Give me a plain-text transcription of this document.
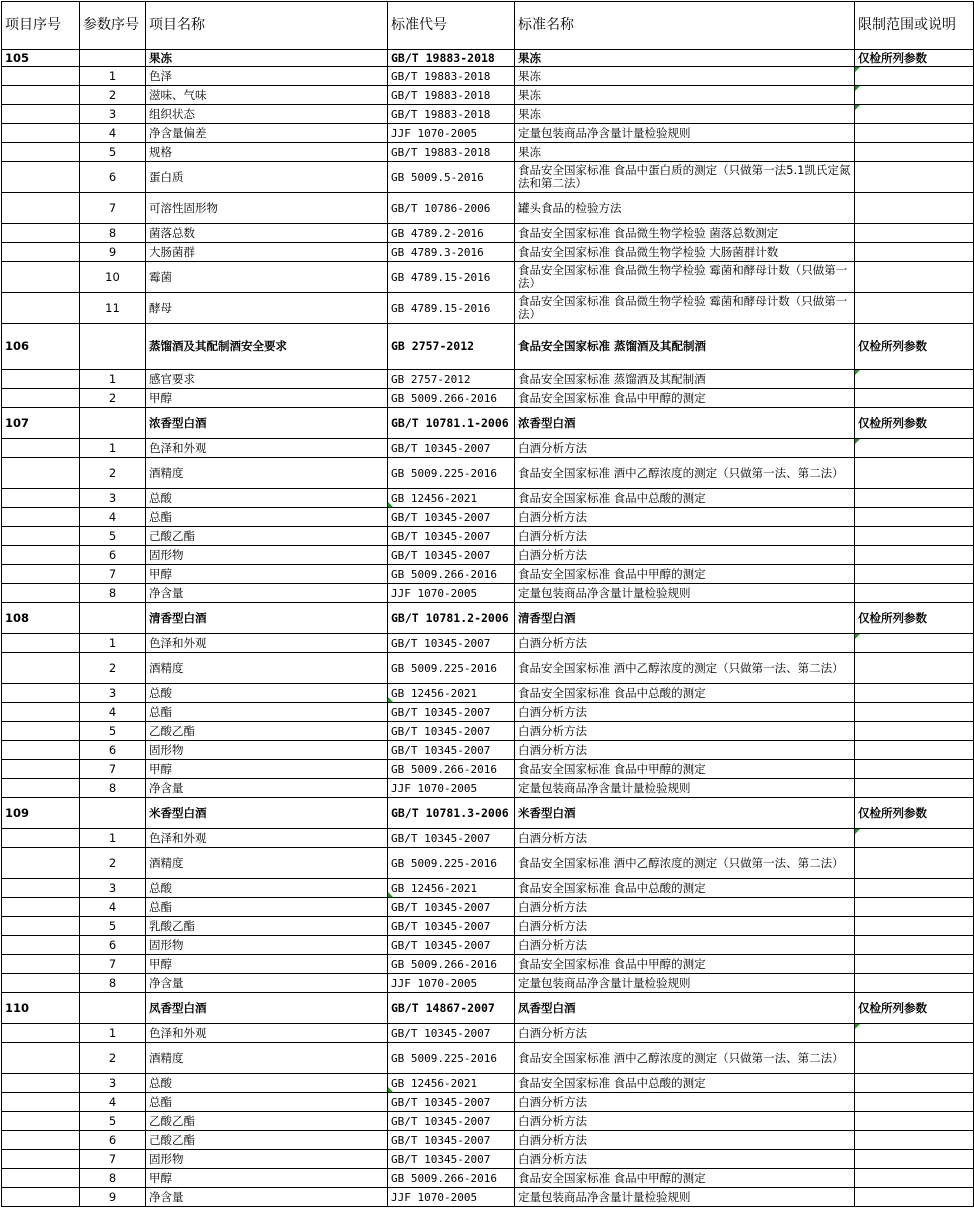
项目序号	参数序号	项目名称	标准代号	标准名称	限制范围或说明
105		果冻	GB/T 19883-2018	果冻	仅检所列参数
	1	色泽	GB/T 19883-2018	果冻	
	2	滋味、气味	GB/T 19883-2018	果冻	
	3	组织状态	GB/T 19883-2018	果冻	
	4	净含量偏差	JJF 1070-2005	定量包装商品净含量计量检验规则	
	5	规格	GB/T 19883-2018	果冻	
	6	蛋白质	GB 5009.5-2016	食品安全国家标准 食品中蛋白质的测定（只做第一法5.1凯氏定氮法和第二法）	
	7	可溶性固形物	GB/T 10786-2006	罐头食品的检验方法	
	8	菌落总数	GB 4789.2-2016	食品安全国家标准 食品微生物学检验 菌落总数测定	
	9	大肠菌群	GB 4789.3-2016	食品安全国家标准 食品微生物学检验 大肠菌群计数	
	10	霉菌	GB 4789.15-2016	食品安全国家标准 食品微生物学检验 霉菌和酵母计数（只做第一法）	
	11	酵母	GB 4789.15-2016	食品安全国家标准 食品微生物学检验 霉菌和酵母计数（只做第一法）	
106		蒸馏酒及其配制酒安全要求	GB 2757-2012	食品安全国家标准 蒸馏酒及其配制酒	仅检所列参数
	1	感官要求	GB 2757-2012	食品安全国家标准 蒸馏酒及其配制酒	
	2	甲醇	GB 5009.266-2016	食品安全国家标准 食品中甲醇的测定	
107		浓香型白酒	GB/T 10781.1-2006	浓香型白酒	仅检所列参数
	1	色泽和外观	GB/T 10345-2007	白酒分析方法	
	2	酒精度	GB 5009.225-2016	食品安全国家标准 酒中乙醇浓度的测定（只做第一法、第二法）	
	3	总酸	GB 12456-2021	食品安全国家标准 食品中总酸的测定	
	4	总酯	GB/T 10345-2007	白酒分析方法	
	5	己酸乙酯	GB/T 10345-2007	白酒分析方法	
	6	固形物	GB/T 10345-2007	白酒分析方法	
	7	甲醇	GB 5009.266-2016	食品安全国家标准 食品中甲醇的测定	
	8	净含量	JJF 1070-2005	定量包装商品净含量计量检验规则	
108		清香型白酒	GB/T 10781.2-2006	清香型白酒	仅检所列参数
	1	色泽和外观	GB/T 10345-2007	白酒分析方法	
	2	酒精度	GB 5009.225-2016	食品安全国家标准 酒中乙醇浓度的测定（只做第一法、第二法）	
	3	总酸	GB 12456-2021	食品安全国家标准 食品中总酸的测定	
	4	总酯	GB/T 10345-2007	白酒分析方法	
	5	乙酸乙酯	GB/T 10345-2007	白酒分析方法	
	6	固形物	GB/T 10345-2007	白酒分析方法	
	7	甲醇	GB 5009.266-2016	食品安全国家标准 食品中甲醇的测定	
	8	净含量	JJF 1070-2005	定量包装商品净含量计量检验规则	
109		米香型白酒	GB/T 10781.3-2006	米香型白酒	仅检所列参数
	1	色泽和外观	GB/T 10345-2007	白酒分析方法	
	2	酒精度	GB 5009.225-2016	食品安全国家标准 酒中乙醇浓度的测定（只做第一法、第二法）	
	3	总酸	GB 12456-2021	食品安全国家标准 食品中总酸的测定	
	4	总酯	GB/T 10345-2007	白酒分析方法	
	5	乳酸乙酯	GB/T 10345-2007	白酒分析方法	
	6	固形物	GB/T 10345-2007	白酒分析方法	
	7	甲醇	GB 5009.266-2016	食品安全国家标准 食品中甲醇的测定	
	8	净含量	JJF 1070-2005	定量包装商品净含量计量检验规则	
110		凤香型白酒	GB/T 14867-2007	凤香型白酒	仅检所列参数
	1	色泽和外观	GB/T 10345-2007	白酒分析方法	
	2	酒精度	GB 5009.225-2016	食品安全国家标准 酒中乙醇浓度的测定（只做第一法、第二法）	
	3	总酸	GB 12456-2021	食品安全国家标准 食品中总酸的测定	
	4	总酯	GB/T 10345-2007	白酒分析方法	
	5	乙酸乙酯	GB/T 10345-2007	白酒分析方法	
	6	己酸乙酯	GB/T 10345-2007	白酒分析方法	
	7	固形物	GB/T 10345-2007	白酒分析方法	
	8	甲醇	GB 5009.266-2016	食品安全国家标准 食品中甲醇的测定	
	9	净含量	JJF 1070-2005	定量包装商品净含量计量检验规则	
